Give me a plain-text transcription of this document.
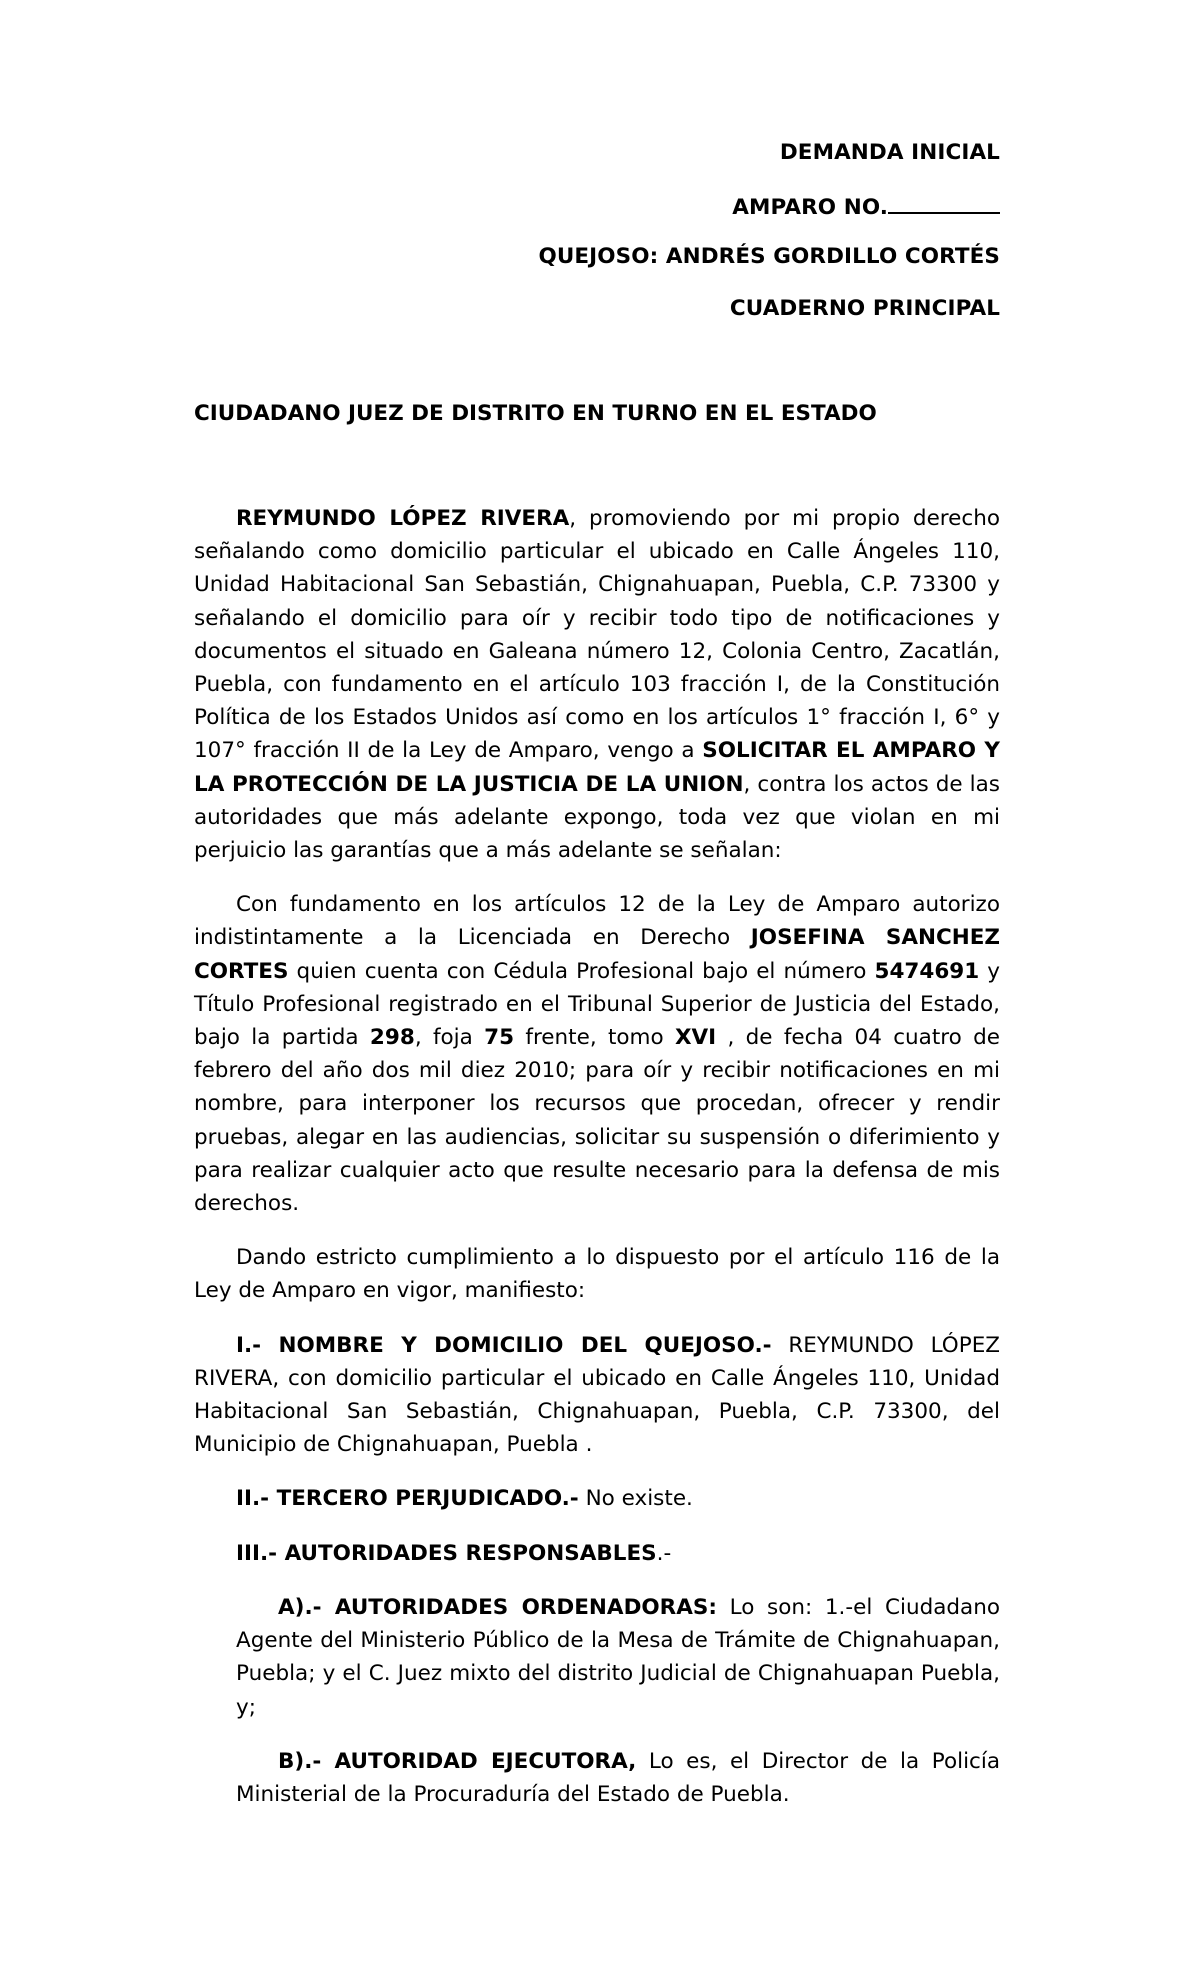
DEMANDA INICIAL
AMPARO NO.
QUEJOSO: ANDRÉS GORDILLO CORTÉS
CUADERNO PRINCIPAL
CIUDADANO JUEZ DE DISTRITO EN TURNO EN EL ESTADO

REYMUNDO LÓPEZ RIVERA, promoviendo por mi propio derecho señalando como domicilio particular el ubicado en Calle Ángeles 110, Unidad Habitacional San Sebastián, Chignahuapan, Puebla, C.P. 73300 y señalando el domicilio para oír y recibir todo tipo de notificaciones y documentos el situado en Galeana número 12, Colonia Centro, Zacatlán, Puebla, con fundamento en el artículo 103 fracción I, de la Constitución Política de los Estados Unidos así como en los artículos 1° fracción I, 6° y 107° fracción II de la Ley de Amparo, vengo a SOLICITAR EL AMPARO Y LA PROTECCIÓN DE LA JUSTICIA DE LA UNION, contra los actos de las autoridades que más adelante expongo, toda vez que violan en mi perjuicio las garantías que a más adelante se señalan:

Con fundamento en los artículos 12 de la Ley de Amparo autorizo indistintamente a la Licenciada en Derecho JOSEFINA SANCHEZ CORTES quien cuenta con Cédula Profesional bajo el número 5474691 y Título Profesional registrado en el Tribunal Superior de Justicia del Estado, bajo la partida 298, foja 75 frente, tomo XVI , de fecha 04 cuatro de febrero del año dos mil diez 2010; para oír y recibir notificaciones en mi nombre, para interponer los recursos que procedan, ofrecer y rendir pruebas, alegar en las audiencias, solicitar su suspensión o diferimiento y para realizar cualquier acto que resulte necesario para la defensa de mis derechos.

Dando estricto cumplimiento a lo dispuesto por el artículo 116 de la Ley de Amparo en vigor, manifiesto:

I.- NOMBRE Y DOMICILIO DEL QUEJOSO.- REYMUNDO LÓPEZ RIVERA, con domicilio particular el ubicado en Calle Ángeles 110, Unidad Habitacional San Sebastián, Chignahuapan, Puebla, C.P. 73300, del Municipio de Chignahuapan, Puebla .

II.- TERCERO PERJUDICADO.- No existe.

III.- AUTORIDADES RESPONSABLES.-

A).- AUTORIDADES ORDENADORAS: Lo son: 1.-el Ciudadano Agente del Ministerio Público de la Mesa de Trámite de Chignahuapan, Puebla; y el C. Juez mixto del distrito Judicial de Chignahuapan Puebla, y;

B).- AUTORIDAD EJECUTORA, Lo es, el Director de la Policía Ministerial de la Procuraduría del Estado de Puebla.
